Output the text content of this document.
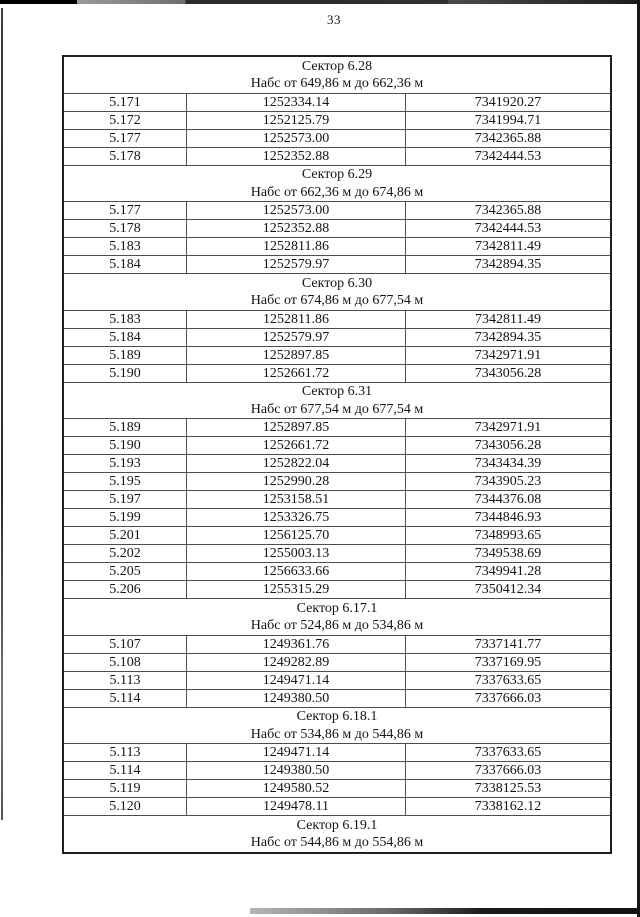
33
Сектор 6.28
Набс от 649,86 м до 662,36 м
5.171	1252334.14	7341920.27
5.172	1252125.79	7341994.71
5.177	1252573.00	7342365.88
5.178	1252352.88	7342444.53
Сектор 6.29
Набс от 662,36 м до 674,86 м
5.177	1252573.00	7342365.88
5.178	1252352.88	7342444.53
5.183	1252811.86	7342811.49
5.184	1252579.97	7342894.35
Сектор 6.30
Набс от 674,86 м до 677,54 м
5.183	1252811.86	7342811.49
5.184	1252579.97	7342894.35
5.189	1252897.85	7342971.91
5.190	1252661.72	7343056.28
Сектор 6.31
Набс от 677,54 м до 677,54 м
5.189	1252897.85	7342971.91
5.190	1252661.72	7343056.28
5.193	1252822.04	7343434.39
5.195	1252990.28	7343905.23
5.197	1253158.51	7344376.08
5.199	1253326.75	7344846.93
5.201	1256125.70	7348993.65
5.202	1255003.13	7349538.69
5.205	1256633.66	7349941.28
5.206	1255315.29	7350412.34
Сектор 6.17.1
Набс от 524,86 м до 534,86 м
5.107	1249361.76	7337141.77
5.108	1249282.89	7337169.95
5.113	1249471.14	7337633.65
5.114	1249380.50	7337666.03
Сектор 6.18.1
Набс от 534,86 м до 544,86 м
5.113	1249471.14	7337633.65
5.114	1249380.50	7337666.03
5.119	1249580.52	7338125.53
5.120	1249478.11	7338162.12
Сектор 6.19.1
Набс от 544,86 м до 554,86 м
